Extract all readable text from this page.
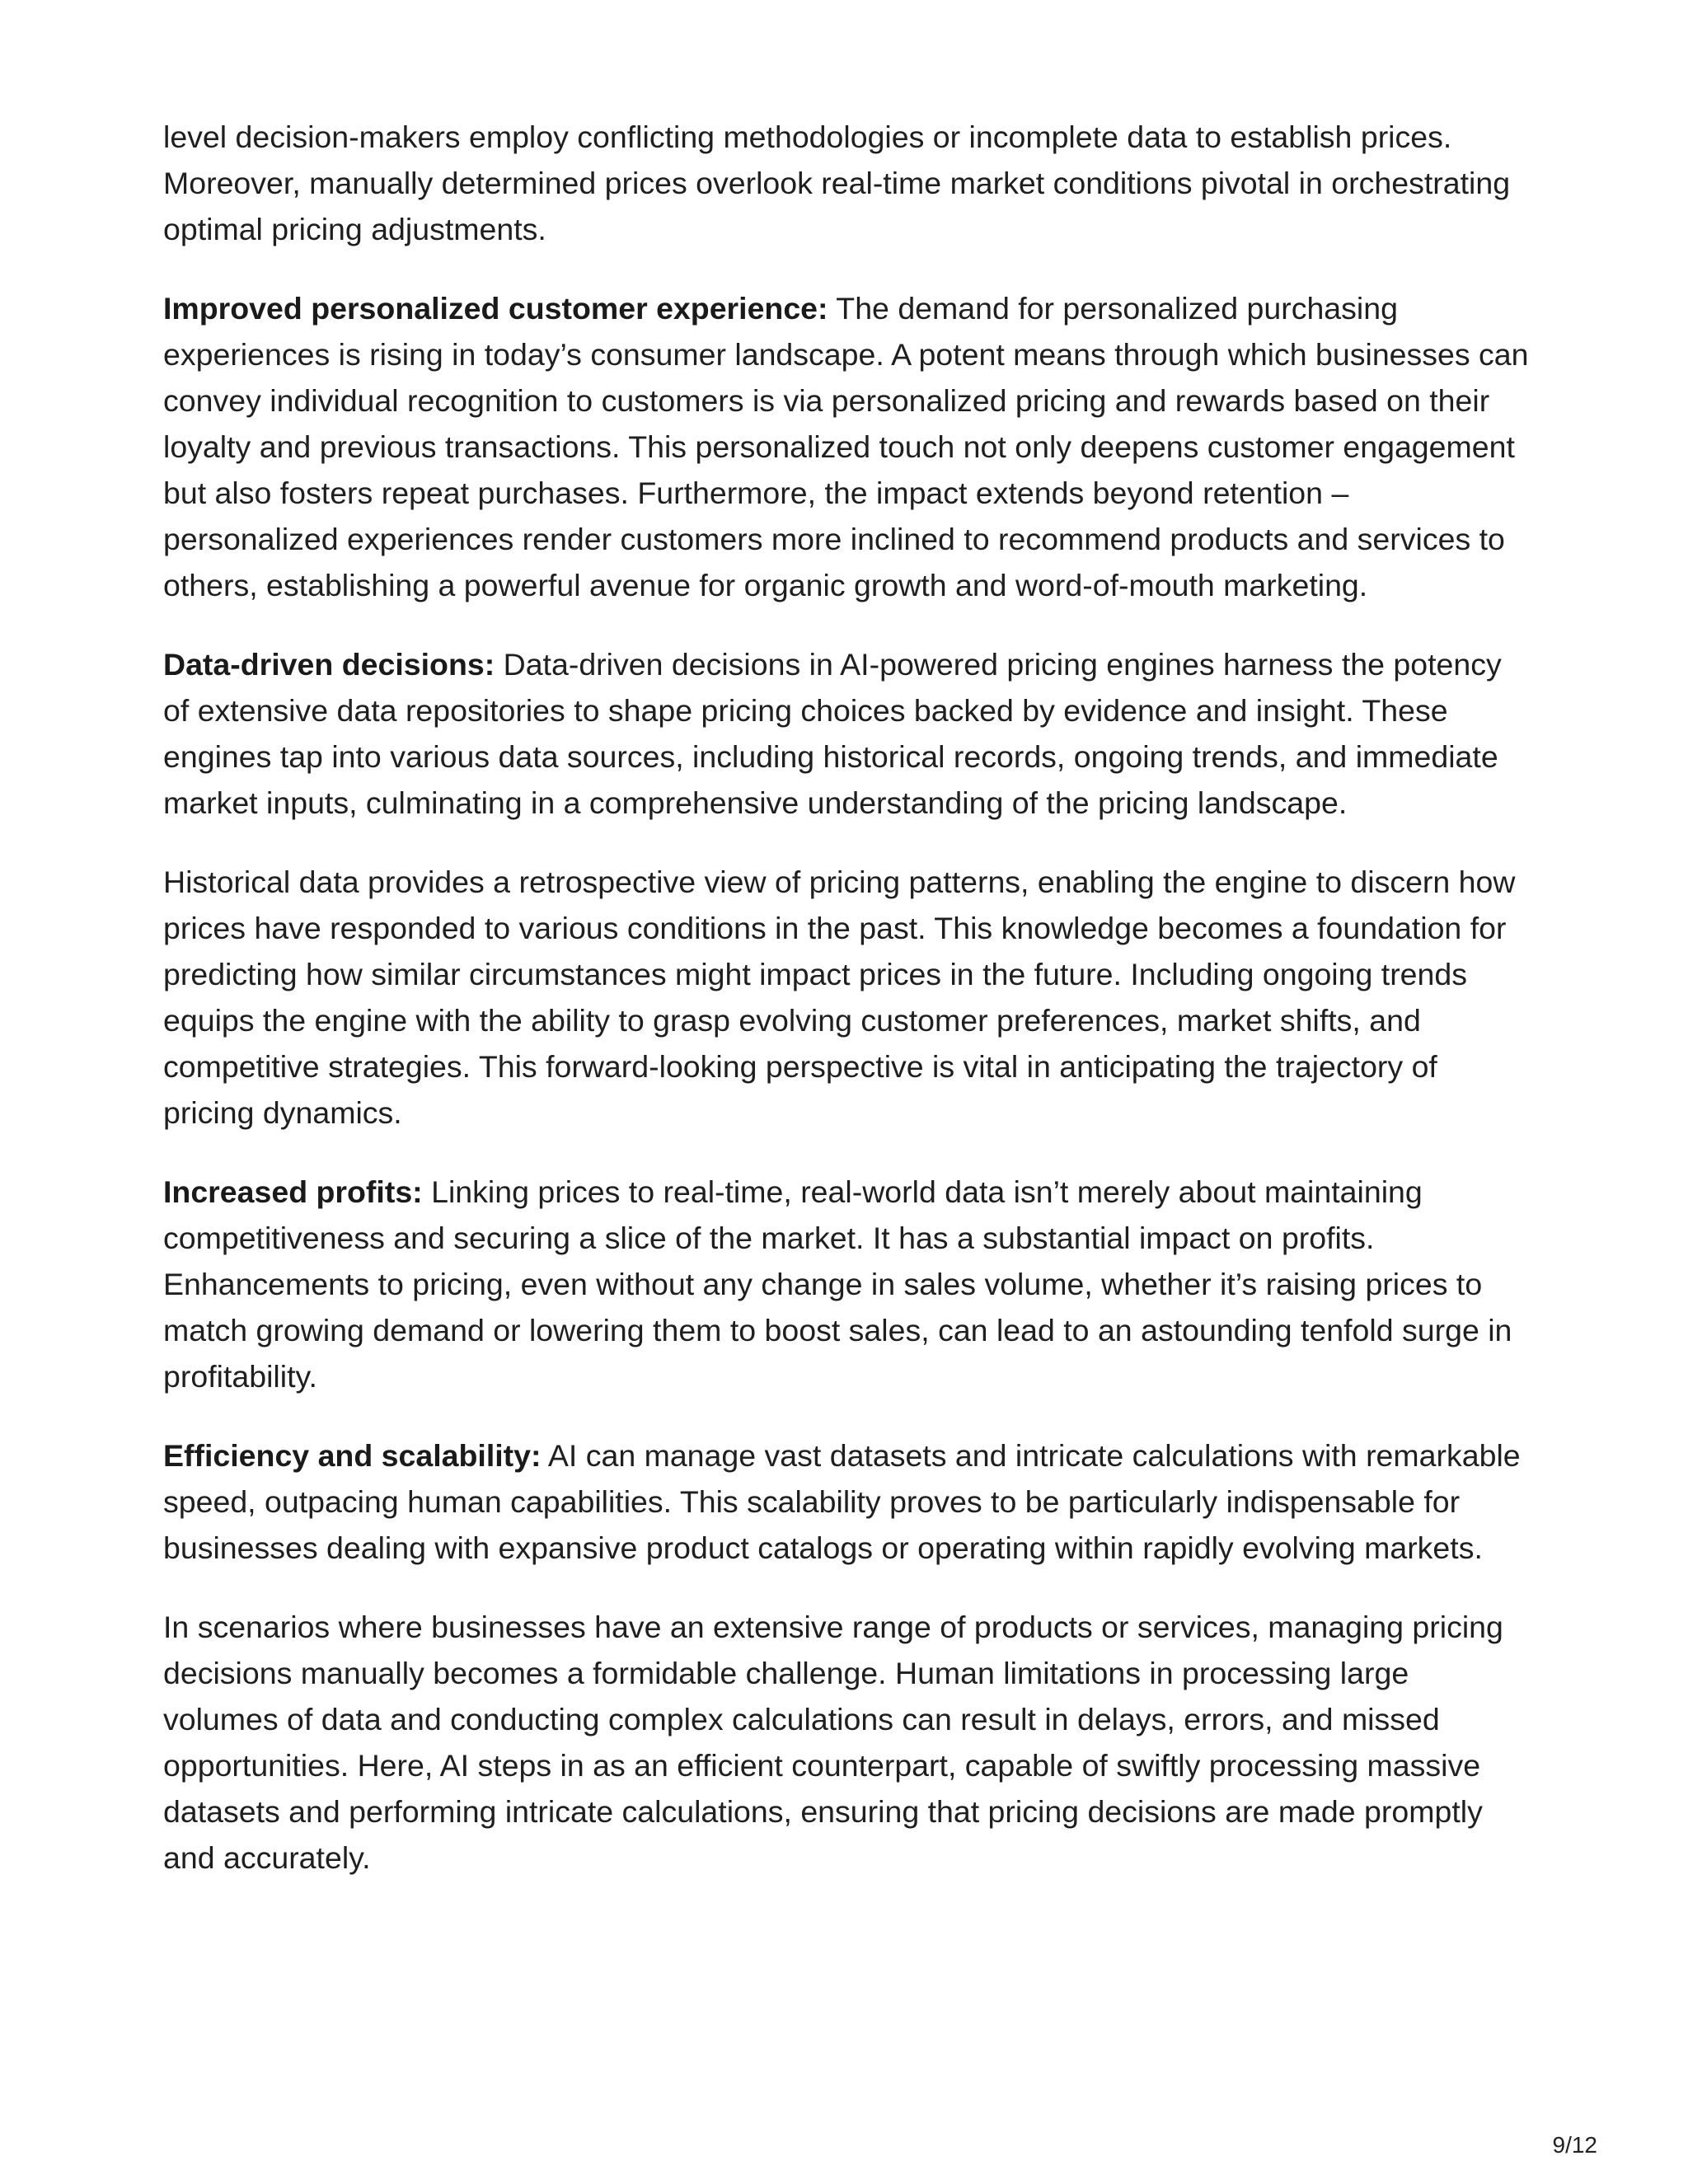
level decision-makers employ conflicting methodologies or incomplete data to establish prices. Moreover, manually determined prices overlook real-time market conditions pivotal in orchestrating optimal pricing adjustments.

Improved personalized customer experience: The demand for personalized purchasing experiences is rising in today’s consumer landscape. A potent means through which businesses can convey individual recognition to customers is via personalized pricing and rewards based on their loyalty and previous transactions. This personalized touch not only deepens customer engagement but also fosters repeat purchases. Furthermore, the impact extends beyond retention – personalized experiences render customers more inclined to recommend products and services to others, establishing a powerful avenue for organic growth and word-of-mouth marketing.

Data-driven decisions: Data-driven decisions in AI-powered pricing engines harness the potency of extensive data repositories to shape pricing choices backed by evidence and insight. These engines tap into various data sources, including historical records, ongoing trends, and immediate market inputs, culminating in a comprehensive understanding of the pricing landscape.

Historical data provides a retrospective view of pricing patterns, enabling the engine to discern how prices have responded to various conditions in the past. This knowledge becomes a foundation for predicting how similar circumstances might impact prices in the future. Including ongoing trends equips the engine with the ability to grasp evolving customer preferences, market shifts, and competitive strategies. This forward-looking perspective is vital in anticipating the trajectory of pricing dynamics.

Increased profits: Linking prices to real-time, real-world data isn’t merely about maintaining competitiveness and securing a slice of the market. It has a substantial impact on profits. Enhancements to pricing, even without any change in sales volume, whether it’s raising prices to match growing demand or lowering them to boost sales, can lead to an astounding tenfold surge in profitability.

Efficiency and scalability: AI can manage vast datasets and intricate calculations with remarkable speed, outpacing human capabilities. This scalability proves to be particularly indispensable for businesses dealing with expansive product catalogs or operating within rapidly evolving markets.

In scenarios where businesses have an extensive range of products or services, managing pricing decisions manually becomes a formidable challenge. Human limitations in processing large volumes of data and conducting complex calculations can result in delays, errors, and missed opportunities. Here, AI steps in as an efficient counterpart, capable of swiftly processing massive datasets and performing intricate calculations, ensuring that pricing decisions are made promptly and accurately.

9/12
